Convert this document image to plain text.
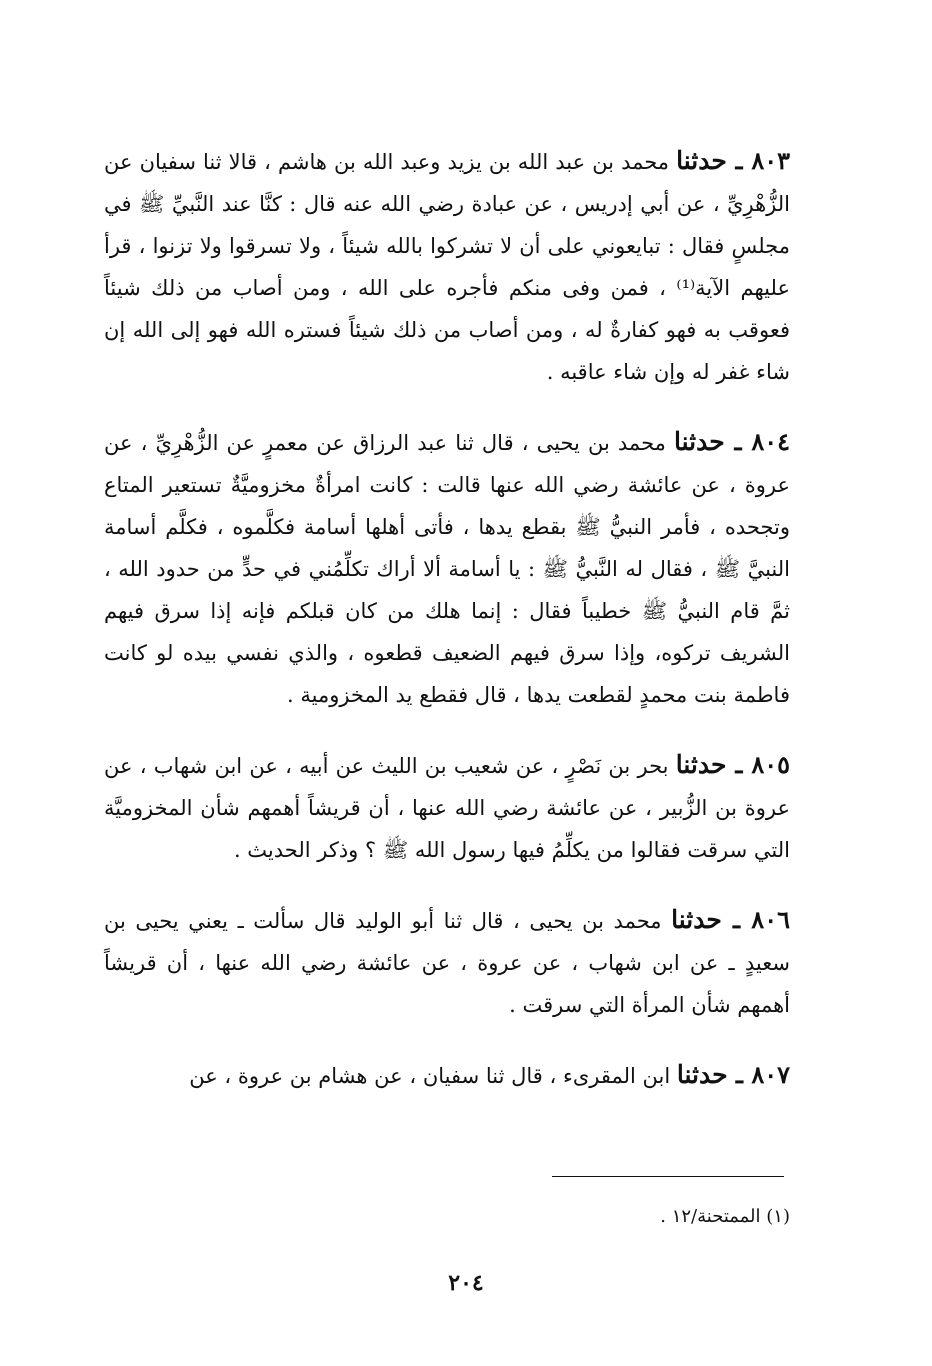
٨٠٣ ـ حدثنا محمد بن عبد الله بن يزيد وعبد الله بن هاشم ، قالا ثنا سفيان عن الزُّهْرِيِّ ، عن أبي إدريس ، عن عبادة رضي الله عنه قال : كنَّا عند النَّبيِّ ﷺ في مجلسٍ فقال : تبايعوني على أن لا تشركوا بالله شيئاً ، ولا تسرقوا ولا تزنوا ، قرأ عليهم الآية⁽¹⁾ ، فمن وفى منكم فأجره على الله ، ومن أصاب من ذلك شيئاً فعوقب به فهو كفارةٌ له ، ومن أصاب من ذلك شيئاً فستره الله فهو إلى الله إن شاء غفر له وإن شاء عاقبه .

٨٠٤ ـ حدثنا محمد بن يحيى ، قال ثنا عبد الرزاق عن معمرٍ عن الزُّهْرِيِّ ، عن عروة ، عن عائشة رضي الله عنها قالت : كانت امرأةٌ مخزوميَّةٌ تستعير المتاع وتجحده ، فأمر النبيُّ ﷺ بقطع يدها ، فأتى أهلها أسامة فكلَّموه ، فكلَّم أسامة النبيَّ ﷺ ، فقال له النَّبيُّ ﷺ : يا أسامة ألا أراك تكلِّمُني في حدٍّ من حدود الله ، ثمَّ قام النبيُّ ﷺ خطيباً فقال : إنما هلك من كان قبلكم فإنه إذا سرق فيهم الشريف تركوه، وإذا سرق فيهم الضعيف قطعوه ، والذي نفسي بيده لو كانت فاطمة بنت محمدٍ لقطعت يدها ، قال فقطع يد المخزومية .

٨٠٥ ـ حدثنا بحر بن نَصْرٍ ، عن شعيب بن الليث عن أبيه ، عن ابن شهاب ، عن عروة بن الزُّبير ، عن عائشة رضي الله عنها ، أن قريشاً أهمهم شأن المخزوميَّة التي سرقت فقالوا من يكلِّمُ فيها رسول الله ﷺ ؟ وذكر الحديث .

٨٠٦ ـ حدثنا محمد بن يحيى ، قال ثنا أبو الوليد قال سألت ـ يعني يحيى بن سعيدٍ ـ عن ابن شهاب ، عن عروة ، عن عائشة رضي الله عنها ، أن قريشاً أهمهم شأن المرأة التي سرقت .

٨٠٧ ـ حدثنا ابن المقرىء ، قال ثنا سفيان ، عن هشام بن عروة ، عن

(١) الممتحنة/١٢ .
٢٠٤
